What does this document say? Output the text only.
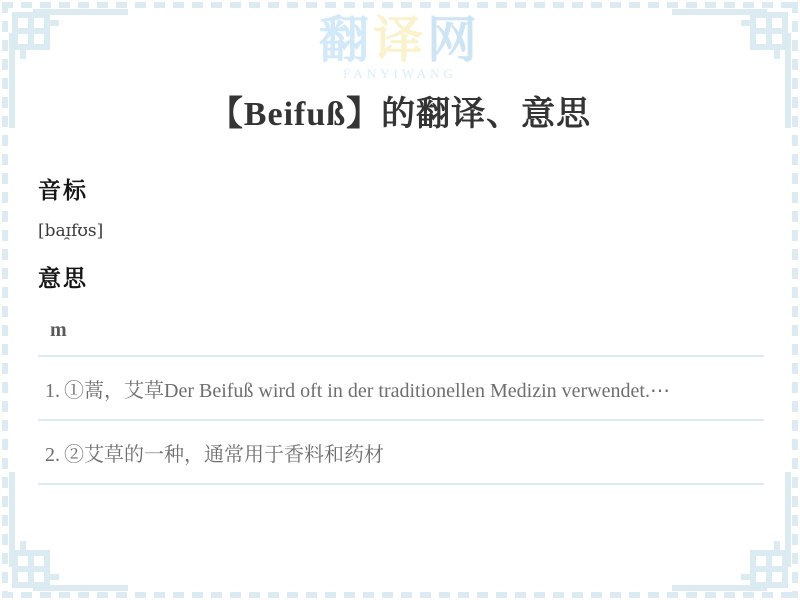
翻译网
FANYIWANG
【Beifuß】的翻译、意思
音标
[baɪ̯fʊs]
意思
m
1. ①蒿，艾草Der Beifuß wird oft in der traditionellen Medizin verwendet.⋯
2. ②艾草的一种，通常用于香料和药材
